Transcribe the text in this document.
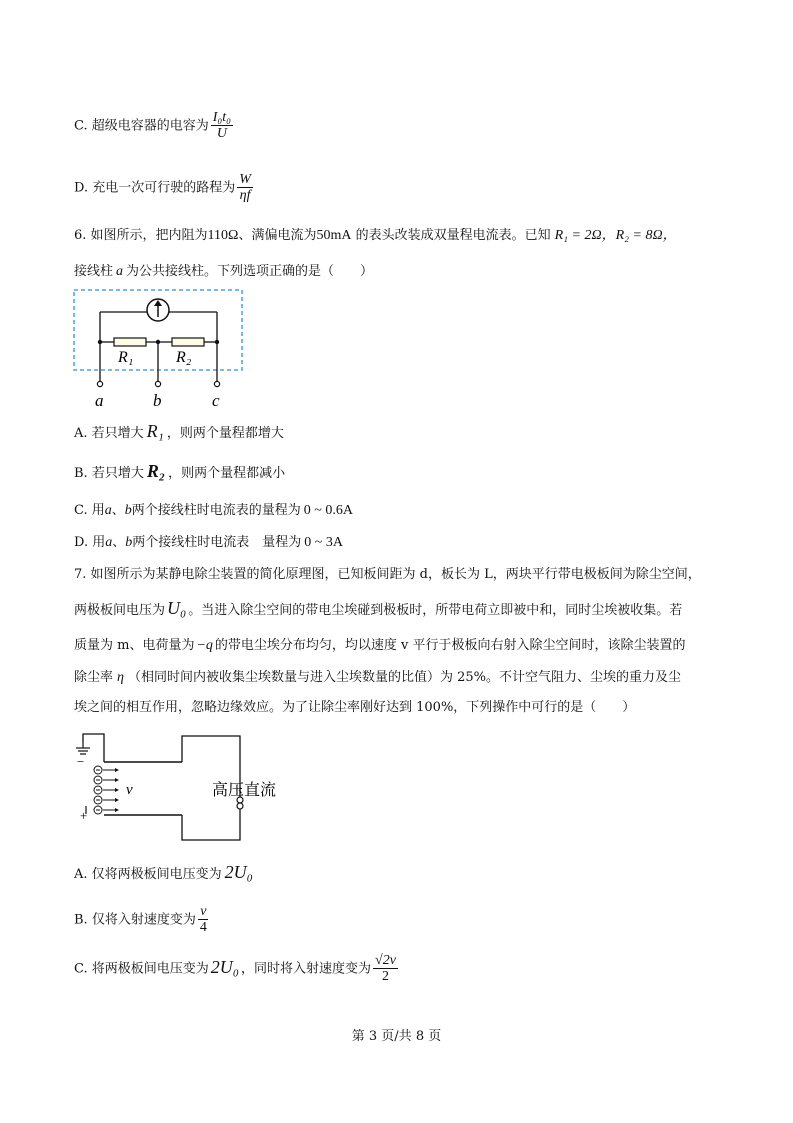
C. 超级电容器的电容为 $\frac{\text{I₀t₀}}{U}$
D. 充电一次可行驶的路程为 $\frac{W}{\eta f}$
6. 如图所示，把内阻为110Ω、满偏电流为50mA 的表头改装成双量程电流表。已知 R₁ = 2Ω，R₂ = 8Ω，
接线柱 a 为公共接线柱。下列选项正确的是（　　）
R₁	R₂
a	b	c
A. 若只增大 R₁ ，则两个量程都增大
B. 若只增大 R₂ ，则两个量程都减小
C. 用a、b两个接线柱时电流表的量程为 0 ~ 0.6A
D. 用a、b两个接线柱时电流表　量程为 0 ~ 3A
7. 如图所示为某静电除尘装置的简化原理图，已知板间距为 d，板长为 L，两块平行带电极板间为除尘空间，
两极板间电压为 U₀ 。当进入除尘空间的带电尘埃碰到极板时，所带电荷立即被中和，同时尘埃被收集。若
质量为 m、电荷量为 −q 的带电尘埃分布均匀，均以速度 v 平行于极板向右射入除尘空间时，该除尘装置的
除尘率 η （相同时间内被收集尘埃数量与进入尘埃数量的比值）为 25%。不计空气阻力、尘埃的重力及尘
埃之间的相互作用，忽略边缘效应。为了让除尘率刚好达到 100%，下列操作中可行的是（　　）
−
高压直流
+
v
A. 仅将两极板间电压变为 2U₀
B. 仅将入射速度变为 $\frac{v}{4}$
C. 将两极板间电压变为 2U₀ ，同时将入射速度变为 $\frac{√2v}{2}$
第 3 页/共 8 页
